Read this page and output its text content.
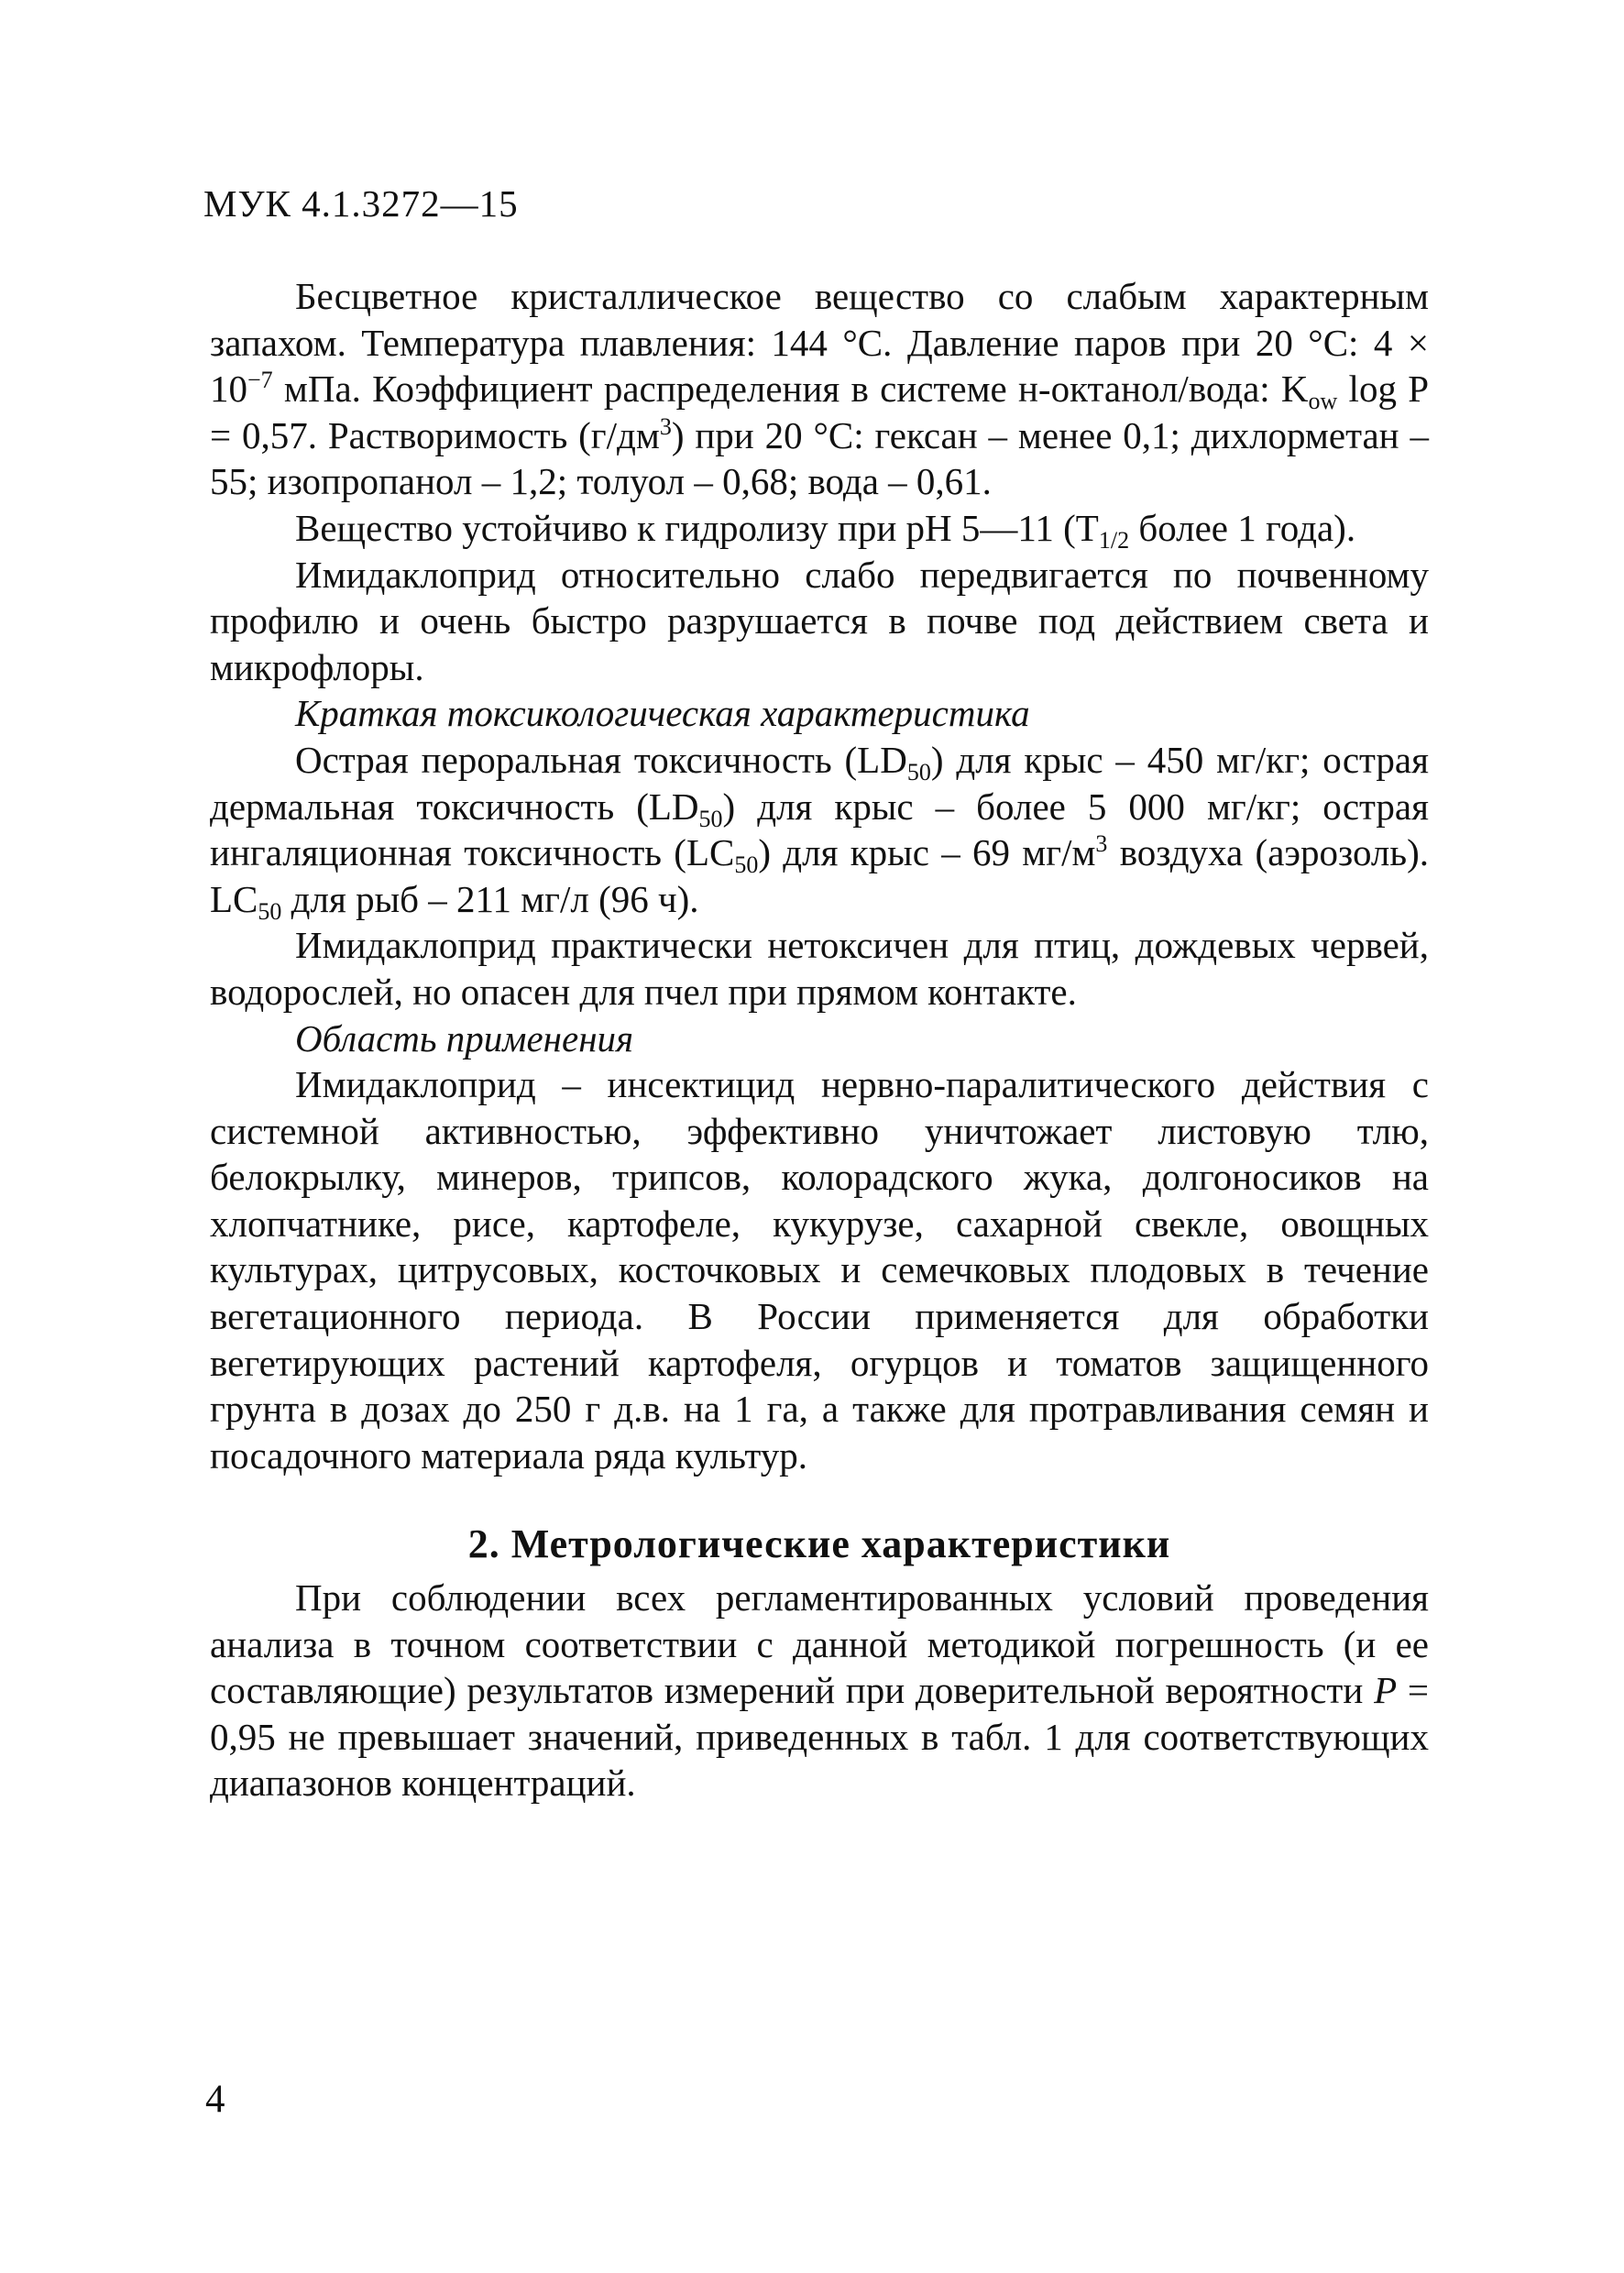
МУК 4.1.3272—15

Бесцветное кристаллическое вещество со слабым характерным запахом. Температура плавления: 144 °С. Давление паров при 20 °С: $4 \times 10^{-7}$ мПа. Коэффициент распределения в системе н-октанол/вода: $K_{ow}$ log P = 0,57. Растворимость $(г/дм^3)$ при 20 °С: гексан – менее 0,1; дихлорметан – 55; изопропанол – 1,2; толуол – 0,68; вода – 0,61.

Вещество устойчиво к гидролизу при pH 5—11 ($T_{1/2}$ более 1 года).

Имидаклоприд относительно слабо передвигается по почвенному профилю и очень быстро разрушается в почве под действием света и микрофлоры.

Краткая токсикологическая характеристика

Острая пероральная токсичность $(LD_{50})$ для крыс – 450 мг/кг; острая дермальная токсичность $(LD_{50})$ для крыс – более 5 000 мг/кг; острая ингаляционная токсичность $(LC_{50})$ для крыс – 69 $мг/м^3$ воздуха (аэрозоль). $LC_{50}$ для рыб – 211 мг/л (96 ч).

Имидаклоприд практически нетоксичен для птиц, дождевых червей, водорослей, но опасен для пчел при прямом контакте.

Область применения

Имидаклоприд – инсектицид нервно-паралитического действия с системной активностью, эффективно уничтожает листовую тлю, белокрылку, минеров, трипсов, колорадского жука, долгоносиков на хлопчатнике, рисе, картофеле, кукурузе, сахарной свекле, овощных культурах, цитрусовых, косточковых и семечковых плодовых в течение вегетационного периода. В России применяется для обработки вегетирующих растений картофеля, огурцов и томатов защищенного грунта в дозах до 250 г д.в. на 1 га, а также для протравливания семян и посадочного материала ряда культур.

2. Метрологические характеристики

При соблюдении всех регламентированных условий проведения анализа в точном соответствии с данной методикой погрешность (и ее составляющие) результатов измерений при доверительной вероятности P = 0,95 не превышает значений, приведенных в табл. 1 для соответствующих диапазонов концентраций.

4
